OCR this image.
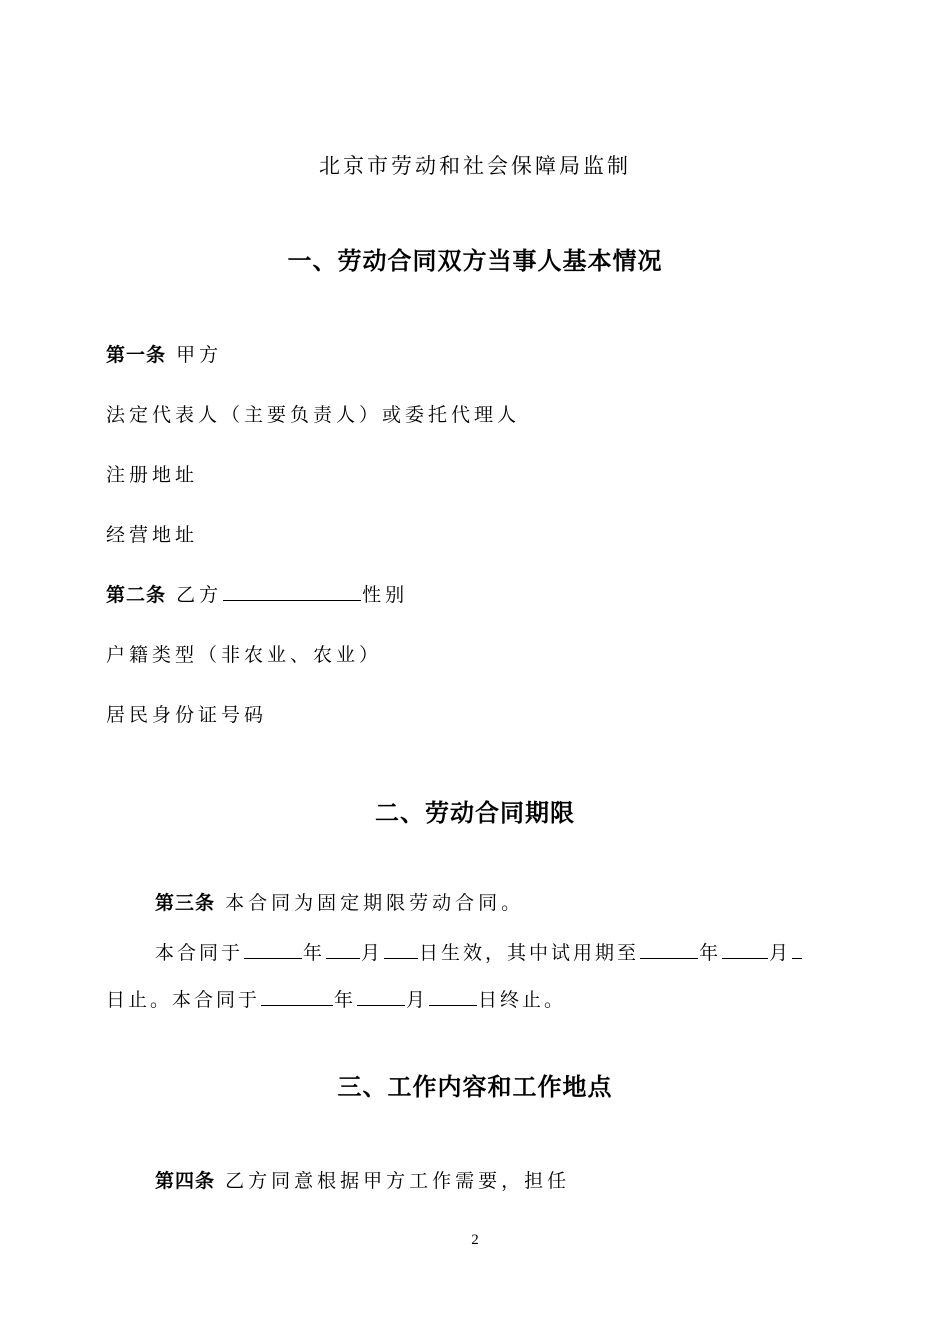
北京市劳动和社会保障局监制
一、劳动合同双方当事人基本情况
第一条 甲方
法定代表人（主要负责人）或委托代理人
注册地址
经营地址
第二条 乙方	性别
户籍类型（非农业、农业）
居民身份证号码
二、劳动合同期限
第三条 本合同为固定期限劳动合同。
本合同于	年 月 日生效，其中试用期至	年	月
日止。本合同于	年	月	日终止。
三、工作内容和工作地点
第四条 乙方同意根据甲方工作需要，担任
2
